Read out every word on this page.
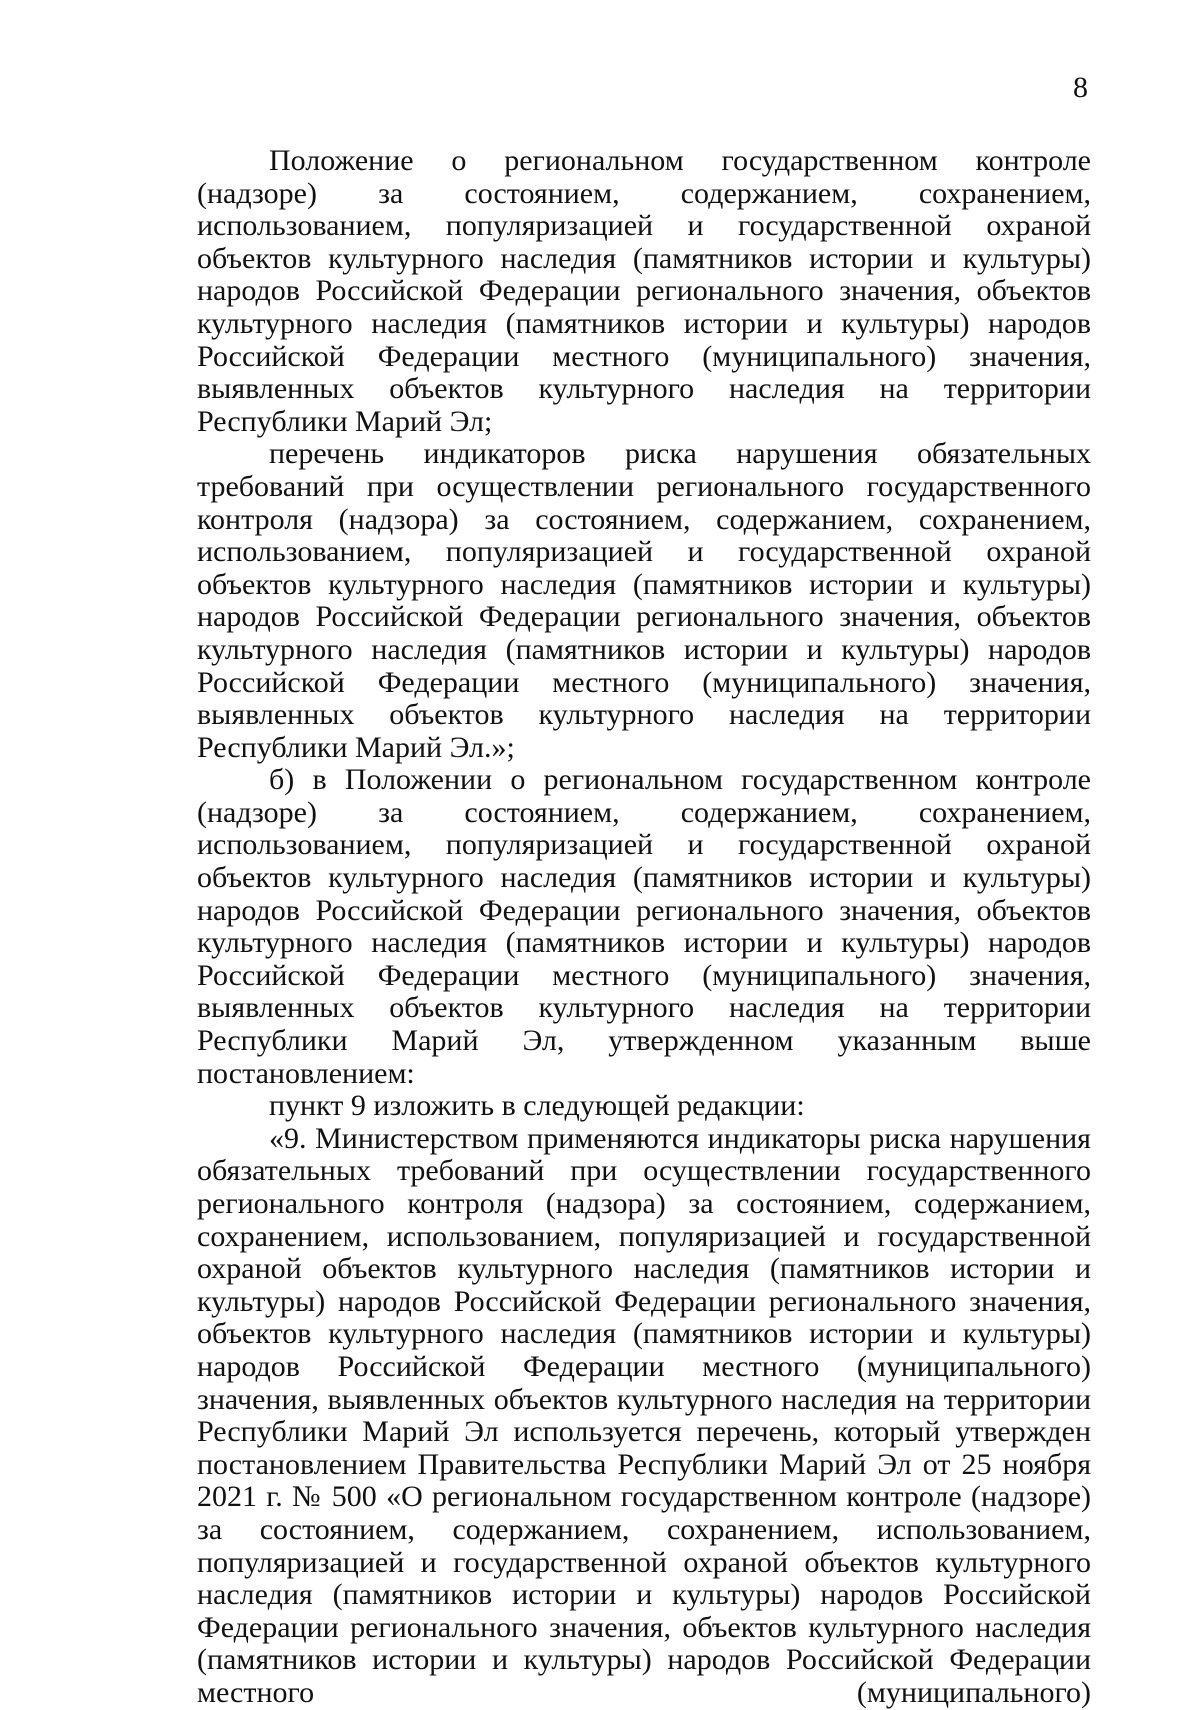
8

Положение о региональном государственном контроле (надзоре) за состоянием, содержанием, сохранением, использованием, популяризацией и государственной охраной объектов культурного наследия (памятников истории и культуры) народов Российской Федерации регионального значения, объектов культурного наследия (памятников истории и культуры) народов Российской Федерации местного (муниципального) значения, выявленных объектов культурного наследия на территории Республики Марий Эл;

перечень индикаторов риска нарушения обязательных требований при осуществлении регионального государственного контроля (надзора) за состоянием, содержанием, сохранением, использованием, популяризацией и государственной охраной объектов культурного наследия (памятников истории и культуры) народов Российской Федерации регионального значения, объектов культурного наследия (памятников истории и культуры) народов Российской Федерации местного (муниципального) значения, выявленных объектов культурного наследия на территории Республики Марий Эл.»;

б) в Положении о региональном государственном контроле (надзоре) за состоянием, содержанием, сохранением, использованием, популяризацией и государственной охраной объектов культурного наследия (памятников истории и культуры) народов Российской Федерации регионального значения, объектов культурного наследия (памятников истории и культуры) народов Российской Федерации местного (муниципального) значения, выявленных объектов культурного наследия на территории Республики Марий Эл, утвержденном указанным выше постановлением:

пункт 9 изложить в следующей редакции:

«9. Министерством применяются индикаторы риска нарушения обязательных требований при осуществлении государственного регионального контроля (надзора) за состоянием, содержанием, сохранением, использованием, популяризацией и государственной охраной объектов культурного наследия (памятников истории и культуры) народов Российской Федерации регионального значения, объектов культурного наследия (памятников истории и культуры) народов Российской Федерации местного (муниципального) значения, выявленных объектов культурного наследия на территории Республики Марий Эл используется перечень, который утвержден постановлением Правительства Республики Марий Эл от 25 ноября 2021 г. № 500 «О региональном государственном контроле (надзоре) за состоянием, содержанием, сохранением, использованием, популяризацией и государственной охраной объектов культурного наследия (памятников истории и культуры) народов Российской Федерации регионального значения, объектов культурного наследия (памятников истории и культуры) народов Российской Федерации местного (муниципального)
